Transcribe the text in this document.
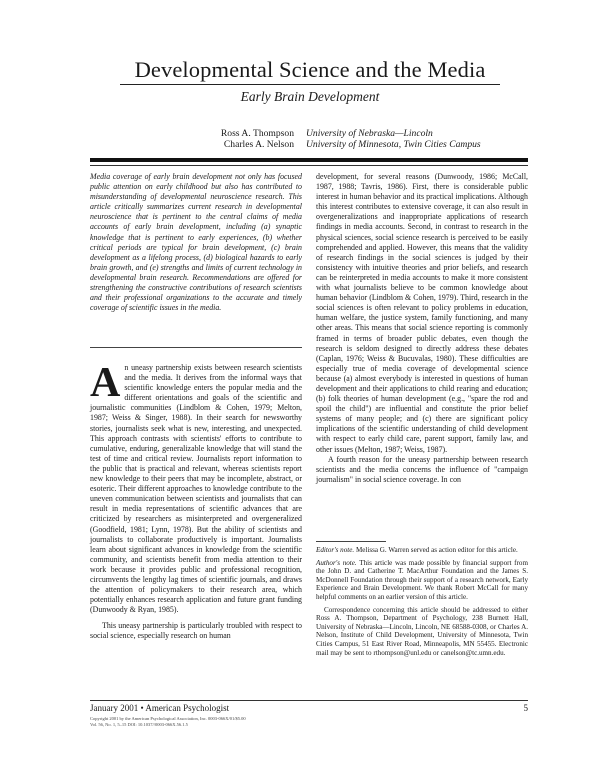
Developmental Science and the Media
Early Brain Development
Ross A. Thompson University of Nebraska—Lincoln
Charles A. Nelson University of Minnesota, Twin Cities Campus
Media coverage of early brain development not only has focused public attention on early childhood but also has contributed to misunderstanding of developmental neuroscience research. This article critically summarizes current research in developmental neuroscience that is pertinent to the central claims of media accounts of early brain development, including (a) synaptic knowledge that is pertinent to early experiences, (b) whether critical periods are typical for brain development, (c) brain development as a lifelong process, (d) biological hazards to early brain growth, and (e) strengths and limits of current technology in developmental brain research. Recommendations are offered for strengthening the constructive contributions of research scientists and their professional organizations to the accurate and timely coverage of scientific issues in the media.

An uneasy partnership exists between research scientists and the media. It derives from the informal ways that scientific knowledge enters the popular media and the different orientations and goals of the scientific and journalistic communities (Lindblom & Cohen, 1979; Melton, 1987; Weiss & Singer, 1988). In their search for newsworthy stories, journalists seek what is new, interesting, and unexpected. This approach contrasts with scientists' efforts to contribute to cumulative, enduring, generalizable knowledge that will stand the test of time and critical review. Journalists report information to the public that is practical and relevant, whereas scientists report new knowledge to their peers that may be incomplete, abstract, or esoteric. Their different approaches to knowledge contribute to the uneven communication between scientists and journalists that can result in media representations of scientific advances that are criticized by researchers as misinterpreted and overgeneralized (Goodfield, 1981; Lynn, 1978). But the ability of scientists and journalists to collaborate productively is important. Journalists learn about significant advances in knowledge from the scientific community, and scientists benefit from media attention to their work because it provides public and professional recognition, circumvents the lengthy lag times of scientific journals, and draws the attention of policymakers to their research area, which potentially enhances research application and future grant funding (Dunwoody & Ryan, 1985).

This uneasy partnership is particularly troubled with respect to social science, especially research on human

development, for several reasons (Dunwoody, 1986; McCall, 1987, 1988; Tavris, 1986). First, there is considerable public interest in human behavior and its practical implications. Although this interest contributes to extensive coverage, it can also result in overgeneralizations and inappropriate applications of research findings in media accounts. Second, in contrast to research in the physical sciences, social science research is perceived to be easily comprehended and applied. However, this means that the validity of research findings in the social sciences is judged by their consistency with intuitive theories and prior beliefs, and research can be reinterpreted in media accounts to make it more consistent with what journalists believe to be common knowledge about human behavior (Lindblom & Cohen, 1979). Third, research in the social sciences is often relevant to policy problems in education, human welfare, the justice system, family functioning, and many other areas. This means that social science reporting is commonly framed in terms of broader public debates, even though the research is seldom designed to directly address these debates (Caplan, 1976; Weiss & Bucuvalas, 1980). These difficulties are especially true of media coverage of developmental science because (a) almost everybody is interested in questions of human development and their applications to child rearing and education; (b) folk theories of human development (e.g., "spare the rod and spoil the child") are influential and constitute the prior belief systems of many people; and (c) there are significant policy implications of the scientific understanding of child development with respect to early child care, parent support, family law, and other issues (Melton, 1987; Weiss, 1987).

A fourth reason for the uneasy partnership between research scientists and the media concerns the influence of "campaign journalism" in social science coverage. In con

Editor's note. Melissa G. Warren served as action editor for this article.

Author's note. This article was made possible by financial support from the John D. and Catherine T. MacArthur Foundation and the James S. McDonnell Foundation through their support of a research network, Early Experience and Brain Development. We thank Robert McCall for many helpful comments on an earlier version of this article.

Correspondence concerning this article should be addressed to either Ross A. Thompson, Department of Psychology, 238 Burnett Hall, University of Nebraska—Lincoln, Lincoln, NE 68588-0308, or Charles A. Nelson, Institute of Child Development, University of Minnesota, Twin Cities Campus, 51 East River Road, Minneapolis, MN 55455. Electronic mail may be sent to rthompson@unl.edu or canelson@tc.umn.edu.

January 2001 • American Psychologist	5
Copyright 2001 by the American Psychological Association, Inc. 0003-066X/01/$5.00
Vol. 56, No. 1, 5–15 DOI: 10.1037//0003-066X.56.1.5
